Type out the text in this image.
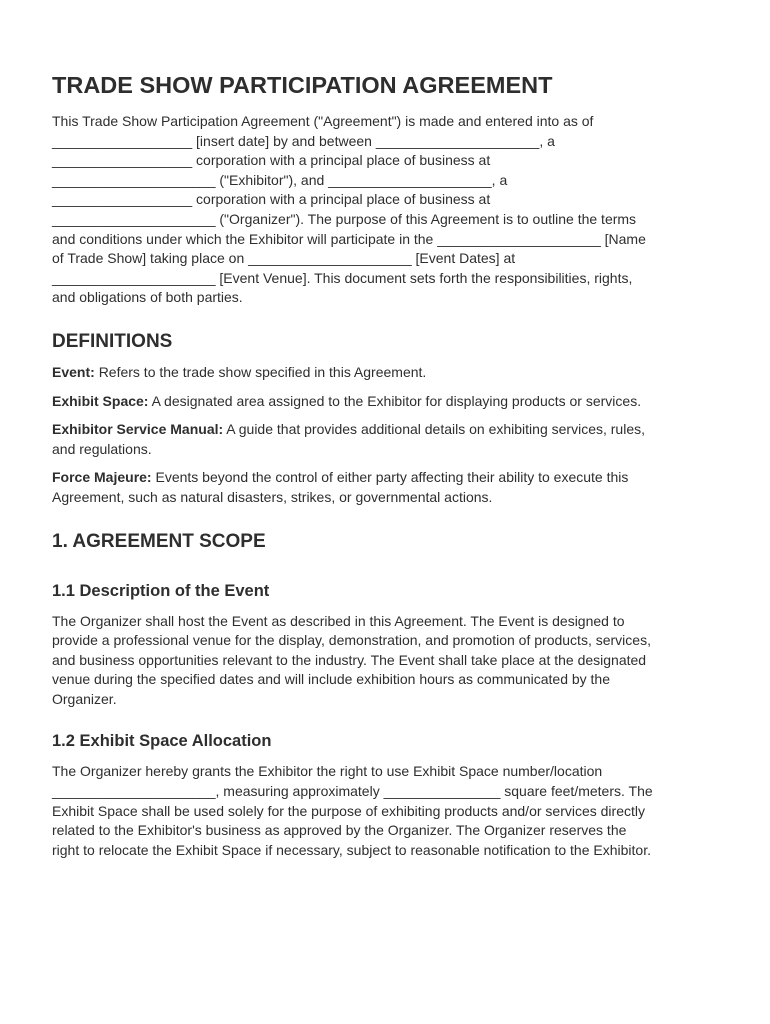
TRADE SHOW PARTICIPATION AGREEMENT

This Trade Show Participation Agreement ("Agreement") is made and entered into as of
__________________ [insert date] by and between _____________________, a
__________________ corporation with a principal place of business at
_____________________ ("Exhibitor"), and _____________________, a
__________________ corporation with a principal place of business at
_____________________ ("Organizer"). The purpose of this Agreement is to outline the terms
and conditions under which the Exhibitor will participate in the _____________________ [Name
of Trade Show] taking place on _____________________ [Event Dates] at
_____________________ [Event Venue]. This document sets forth the responsibilities, rights,
and obligations of both parties.

DEFINITIONS

Event: Refers to the trade show specified in this Agreement.

Exhibit Space: A designated area assigned to the Exhibitor for displaying products or services.

Exhibitor Service Manual: A guide that provides additional details on exhibiting services, rules,
and regulations.

Force Majeure: Events beyond the control of either party affecting their ability to execute this
Agreement, such as natural disasters, strikes, or governmental actions.

1. AGREEMENT SCOPE
1.1 Description of the Event

The Organizer shall host the Event as described in this Agreement. The Event is designed to
provide a professional venue for the display, demonstration, and promotion of products, services,
and business opportunities relevant to the industry. The Event shall take place at the designated
venue during the specified dates and will include exhibition hours as communicated by the
Organizer.

1.2 Exhibit Space Allocation

The Organizer hereby grants the Exhibitor the right to use Exhibit Space number/location
_____________________, measuring approximately _______________ square feet/meters. The
Exhibit Space shall be used solely for the purpose of exhibiting products and/or services directly
related to the Exhibitor's business as approved by the Organizer. The Organizer reserves the
right to relocate the Exhibit Space if necessary, subject to reasonable notification to the Exhibitor.
